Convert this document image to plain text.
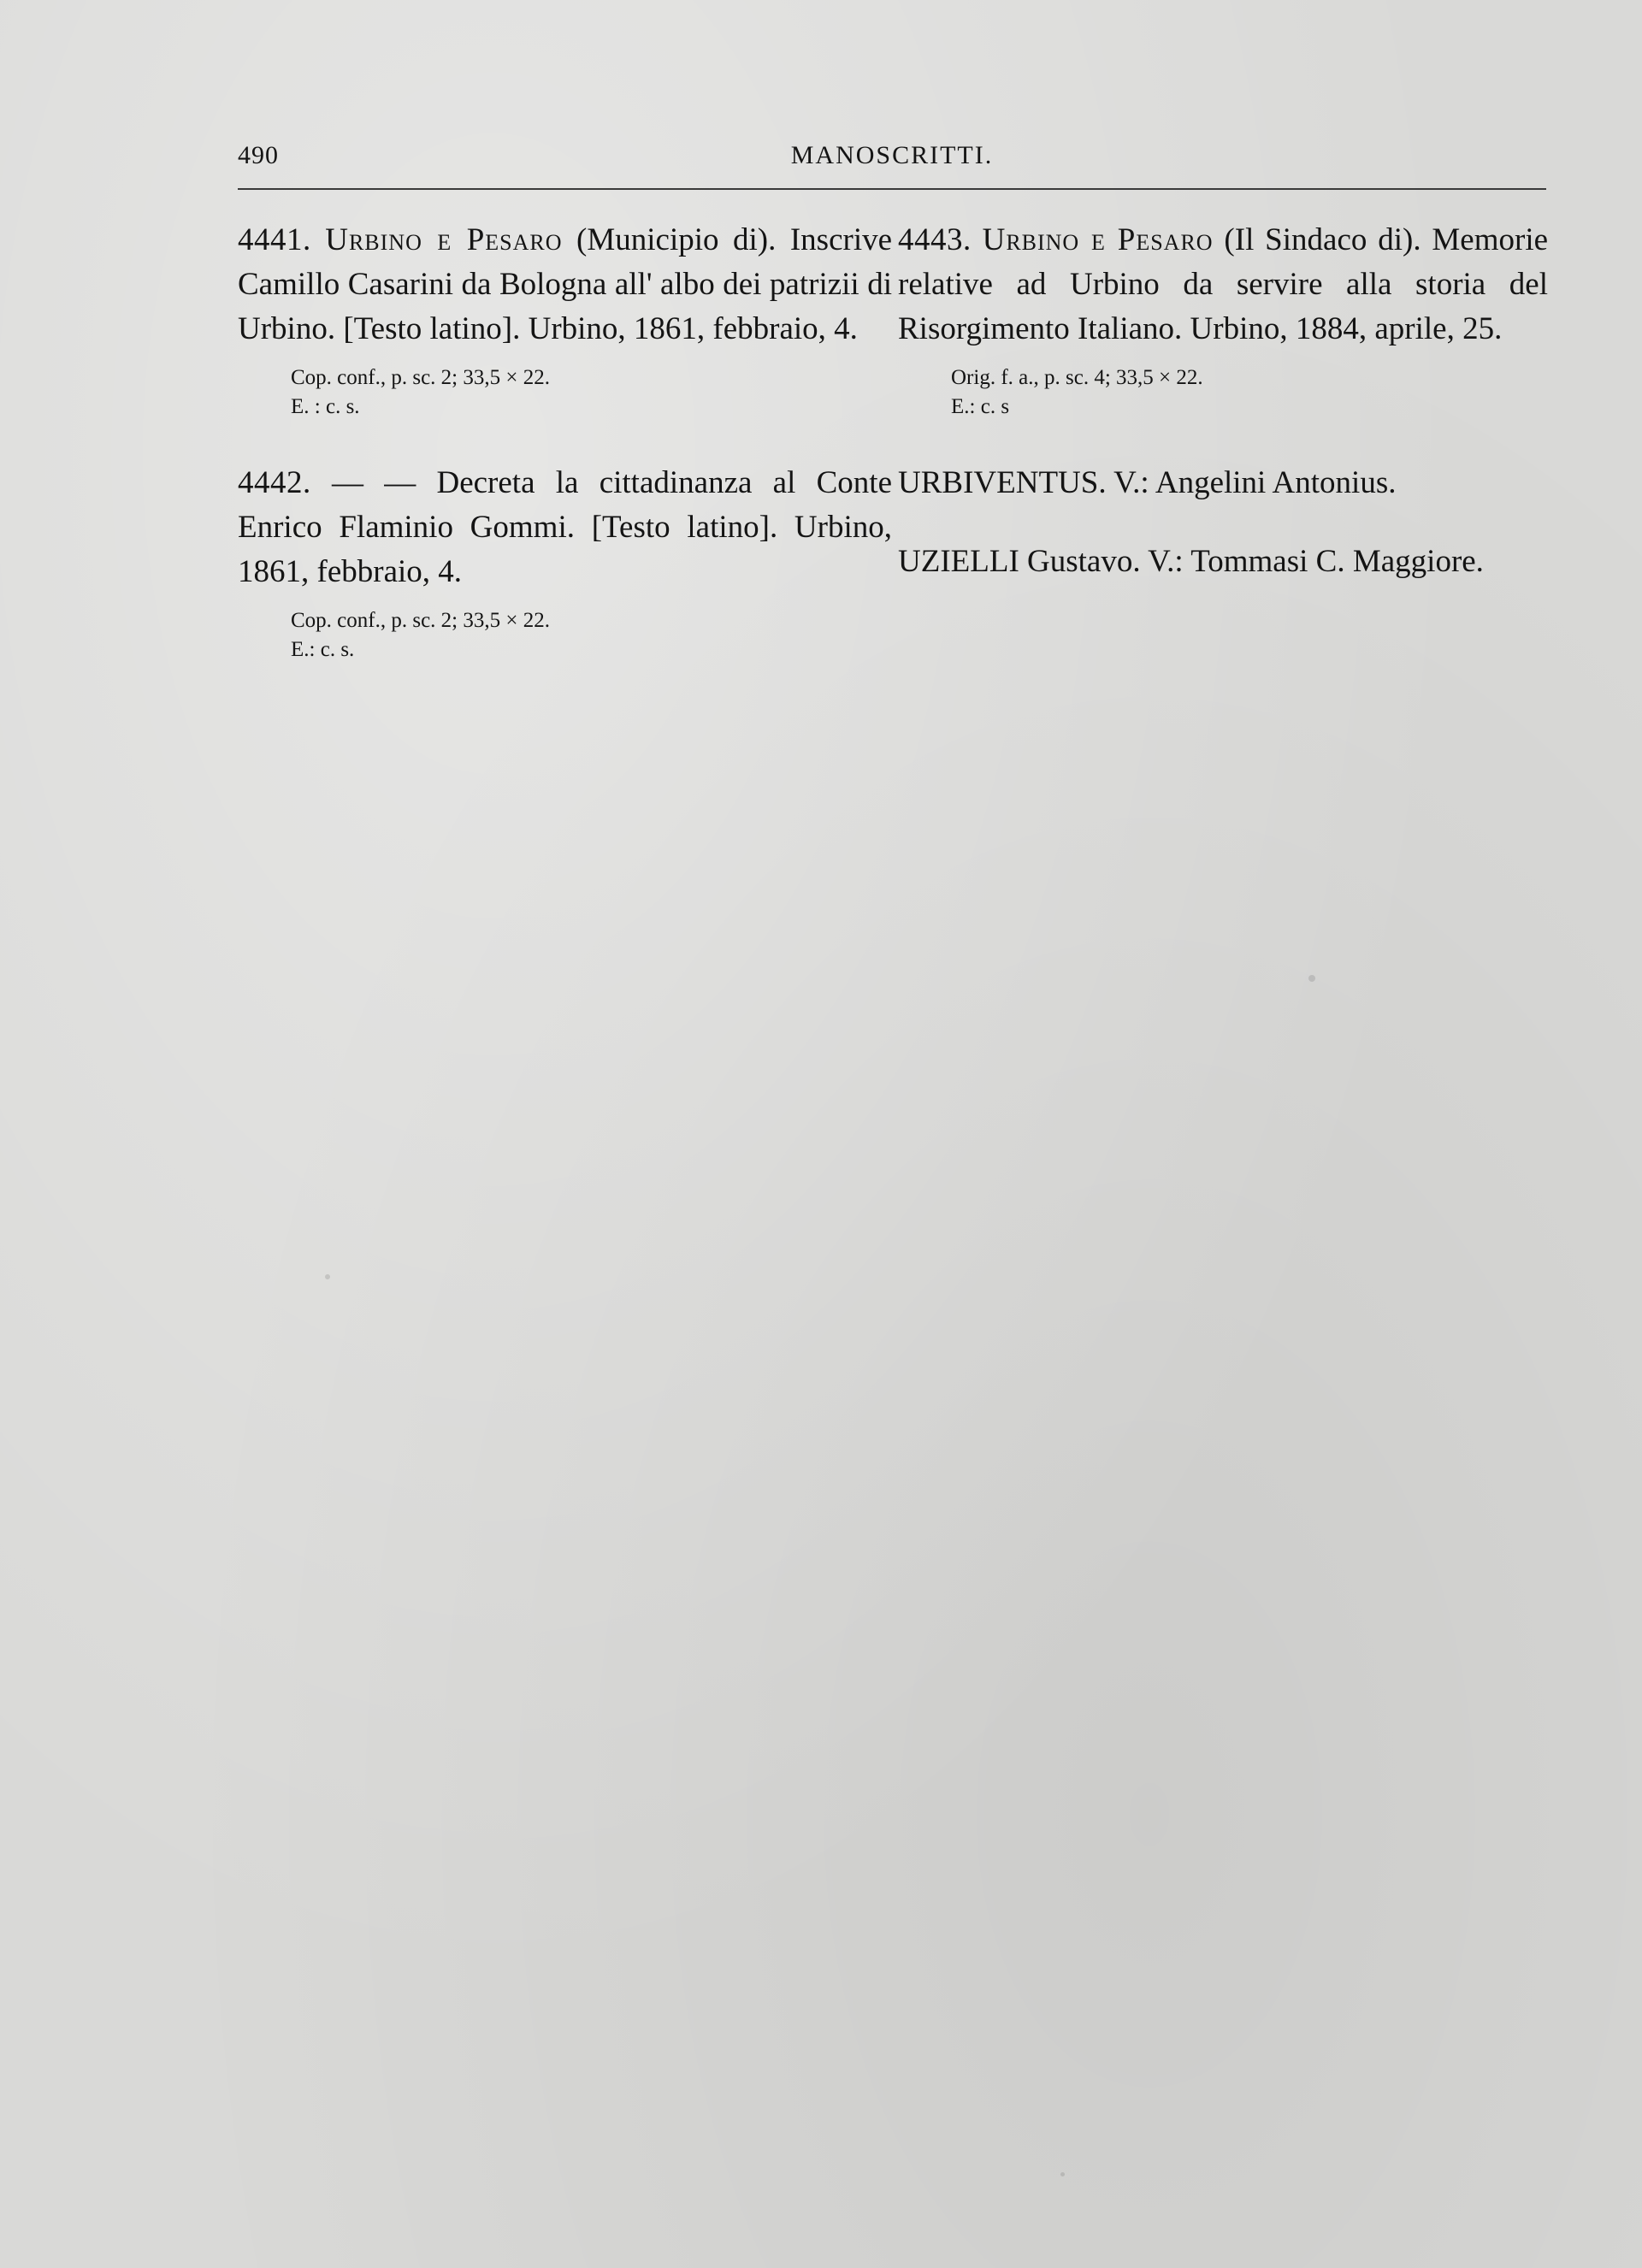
490	MANOSCRITTI.
4441. Urbino e Pesaro (Municipio di). Inscrive Camillo Casarini da Bologna all' albo dei patrizii di Urbino. [Testo latino]. Urbino, 1861, febbraio, 4.
Cop. conf., p. sc. 2; 33,5 × 22.
E. : c. s.
4442. — — Decreta la cittadinanza al Conte Enrico Flaminio Gommi. [Testo latino]. Urbino, 1861, febbraio, 4.
Cop. conf., p. sc. 2; 33,5 × 22.
E.: c. s.
4443. Urbino e Pesaro (Il Sindaco di). Memorie relative ad Urbino da servire alla storia del Risorgimento Italiano. Urbino, 1884, aprile, 25.
Orig. f. a., p. sc. 4; 33,5 × 22.
E.: c. s
URBIVENTUS. V.: Angelini Antonius.
UZIELLI Gustavo. V.: Tommasi C. Maggiore.
